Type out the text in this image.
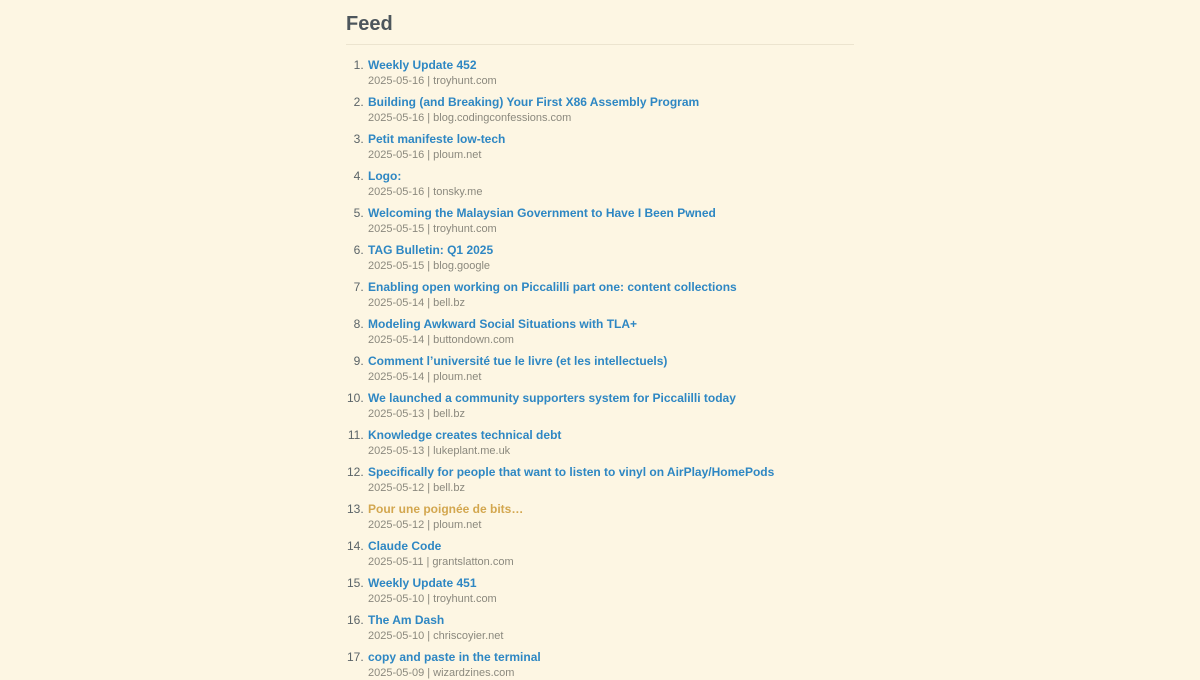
Feed
1. Weekly Update 452
2025-05-16 | troyhunt.com
2. Building (and Breaking) Your First X86 Assembly Program
2025-05-16 | blog.codingconfessions.com
3. Petit manifeste low-tech
2025-05-16 | ploum.net
4. Logo:
2025-05-16 | tonsky.me
5. Welcoming the Malaysian Government to Have I Been Pwned
2025-05-15 | troyhunt.com
6. TAG Bulletin: Q1 2025
2025-05-15 | blog.google
7. Enabling open working on Piccalilli part one: content collections
2025-05-14 | bell.bz
8. Modeling Awkward Social Situations with TLA+
2025-05-14 | buttondown.com
9. Comment l’université tue le livre (et les intellectuels)
2025-05-14 | ploum.net
10. We launched a community supporters system for Piccalilli today
2025-05-13 | bell.bz
11. Knowledge creates technical debt
2025-05-13 | lukeplant.me.uk
12. Specifically for people that want to listen to vinyl on AirPlay/HomePods
2025-05-12 | bell.bz
13. Pour une poignée de bits…
2025-05-12 | ploum.net
14. Claude Code
2025-05-11 | grantslatton.com
15. Weekly Update 451
2025-05-10 | troyhunt.com
16. The Am Dash
2025-05-10 | chriscoyier.net
17. copy and paste in the terminal
2025-05-09 | wizardzines.com
